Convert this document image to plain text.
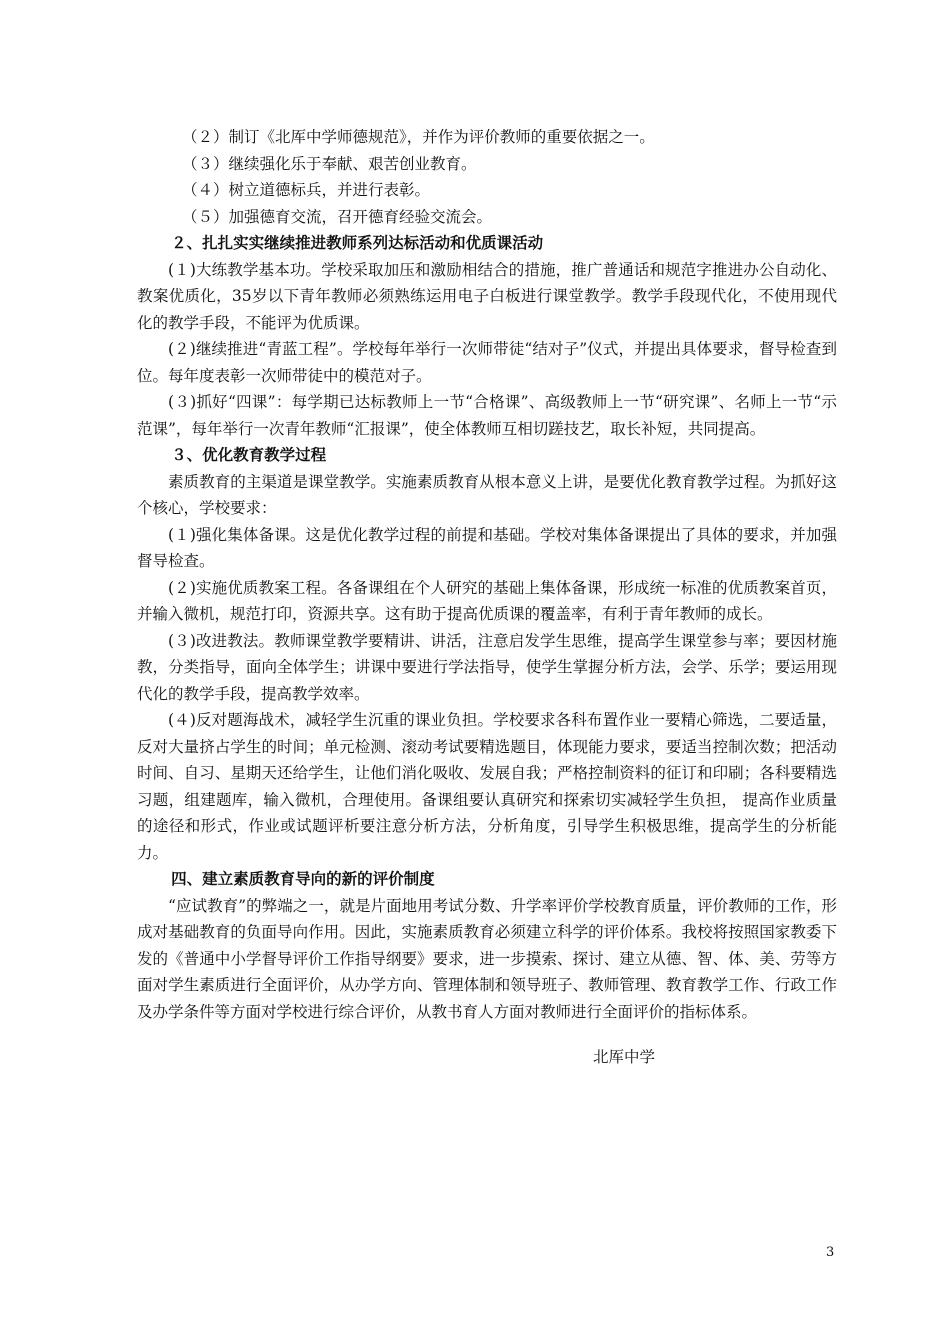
（２）制订《北厍中学师德规范》，并作为评价教师的重要依据之一。

（３）继续强化乐于奉献、艰苦创业教育。

（４）树立道德标兵，并进行表彰。

（５）加强德育交流，召开德育经验交流会。

２、扎扎实实继续推进教师系列达标活动和优质课活动

(１)大练教学基本功。学校采取加压和激励相结合的措施，推广普通话和规范字推进办公自动化、教案优质化，35岁以下青年教师必须熟练运用电子白板进行课堂教学。教学手段现代化，不使用现代化的教学手段，不能评为优质课。

(２)继续推进“青蓝工程”。学校每年举行一次师带徒“结对子”仪式，并提出具体要求，督导检查到位。每年度表彰一次师带徒中的模范对子。

(３)抓好“四课”：每学期已达标教师上一节“合格课”、高级教师上一节“研究课”、名师上一节“示范课”，每年举行一次青年教师“汇报课”，使全体教师互相切蹉技艺，取长补短，共同提高。

３、优化教育教学过程

素质教育的主渠道是课堂教学。实施素质教育从根本意义上讲，是要优化教育教学过程。为抓好这个核心，学校要求：

(１)强化集体备课。这是优化教学过程的前提和基础。学校对集体备课提出了具体的要求，并加强督导检查。

(２)实施优质教案工程。各备课组在个人研究的基础上集体备课，形成统一标准的优质教案首页，并输入微机，规范打印，资源共享。这有助于提高优质课的覆盖率，有利于青年教师的成长。

(３)改进教法。教师课堂教学要精讲、讲活，注意启发学生思维，提高学生课堂参与率；要因材施教，分类指导，面向全体学生；讲课中要进行学法指导，使学生掌握分析方法，会学、乐学；要运用现代化的教学手段，提高教学效率。

(４)反对题海战术，减轻学生沉重的课业负担。学校要求各科布置作业一要精心筛选，二要适量，反对大量挤占学生的时间；单元检测、滚动考试要精选题目，体现能力要求，要适当控制次数；把活动时间、自习、星期天还给学生，让他们消化吸收、发展自我；严格控制资料的征订和印刷；各科要精选习题，组建题库，输入微机，合理使用。备课组要认真研究和探索切实减轻学生负担， 提高作业质量的途径和形式，作业或试题评析要注意分析方法，分析角度，引导学生积极思维，提高学生的分析能力。

四、建立素质教育导向的新的评价制度

“应试教育”的弊端之一，就是片面地用考试分数、升学率评价学校教育质量，评价教师的工作，形成对基础教育的负面导向作用。因此，实施素质教育必须建立科学的评价体系。我校将按照国家教委下发的《普通中小学督导评价工作指导纲要》要求，进一步摸索、探讨、建立从德、智、体、美、劳等方面对学生素质进行全面评价，从办学方向、管理体制和领导班子、教师管理、教育教学工作、行政工作及办学条件等方面对学校进行综合评价，从教书育人方面对教师进行全面评价的指标体系。

北厍中学
3
